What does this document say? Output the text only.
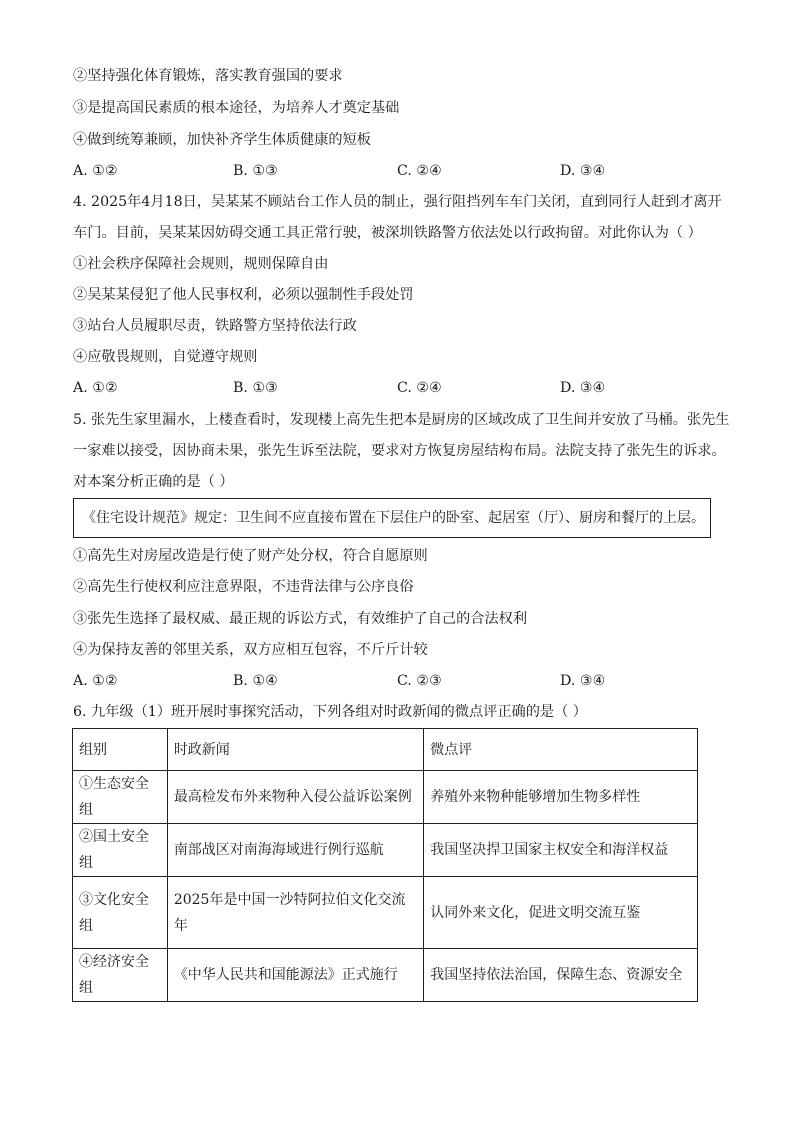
②坚持强化体育锻炼，落实教育强国的要求
③是提高国民素质的根本途径，为培养人才奠定基础
④做到统筹兼顾，加快补齐学生体质健康的短板
A. ①②	B. ①③	C. ②④	D. ③④
4. 2025年4月18日，吴某某不顾站台工作人员的制止，强行阻挡列车车门关闭，直到同行人赶到才离开
车门。目前，吴某某因妨碍交通工具正常行驶，被深圳铁路警方依法处以行政拘留。对此你认为（ ）
①社会秩序保障社会规则，规则保障自由
②吴某某侵犯了他人民事权利，必须以强制性手段处罚
③站台人员履职尽责，铁路警方坚持依法行政
④应敬畏规则，自觉遵守规则
A. ①②	B. ①③	C. ②④	D. ③④
5. 张先生家里漏水，上楼查看时，发现楼上高先生把本是厨房的区域改成了卫生间并安放了马桶。张先生
一家难以接受，因协商未果，张先生诉至法院，要求对方恢复房屋结构布局。法院支持了张先生的诉求。
对本案分析正确的是（ ）
《住宅设计规范》规定：卫生间不应直接布置在下层住户的卧室、起居室（厅）、厨房和餐厅的上层。
①高先生对房屋改造是行使了财产处分权，符合自愿原则
②高先生行使权利应注意界限，不违背法律与公序良俗
③张先生选择了最权威、最正规的诉讼方式，有效维护了自己的合法权利
④为保持友善的邻里关系，双方应相互包容，不斤斤计较
A. ①②	B. ①④	C. ②③	D. ③④
6. 九年级（1）班开展时事探究活动，下列各组对时政新闻的微点评正确的是（ ）
组别	时政新闻	微点评
①生态安全组	最高检发布外来物种入侵公益诉讼案例	养殖外来物种能够增加生物多样性
②国土安全组	南部战区对南海海域进行例行巡航	我国坚决捍卫国家主权安全和海洋权益
③文化安全组	2025年是中国一沙特阿拉伯文化交流年	认同外来文化，促进文明交流互鉴
④经济安全组	《中华人民共和国能源法》正式施行	我国坚持依法治国，保障生态、资源安全
